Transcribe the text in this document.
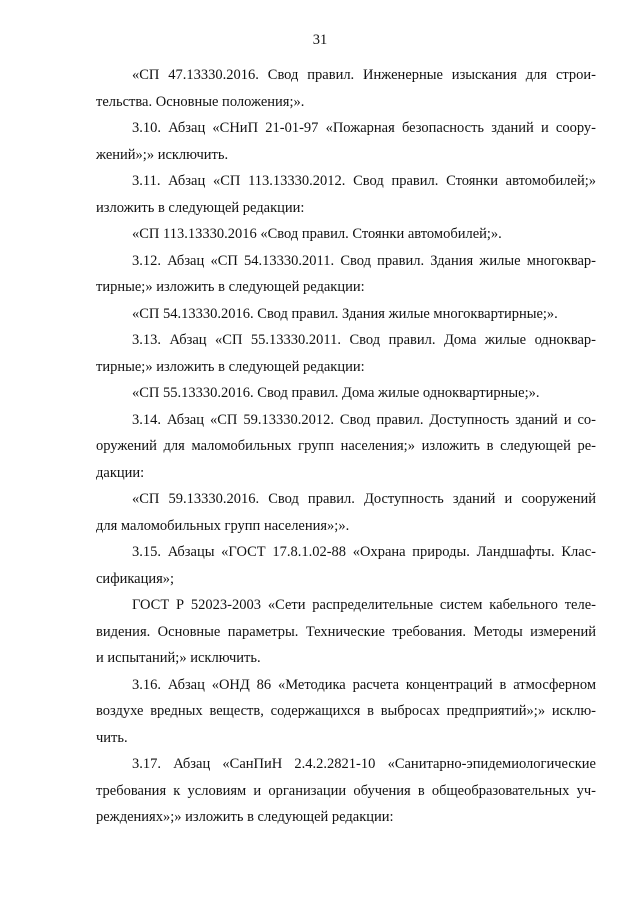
31
«СП 47.13330.2016. Свод правил. Инженерные изыскания для строи-
тельства. Основные положения;».
3.10. Абзац «СНиП 21-01-97 «Пожарная безопасность зданий и соору-
жений»;» исключить.
3.11. Абзац «СП 113.13330.2012. Свод правил. Стоянки автомобилей;»
изложить в следующей редакции:
«СП 113.13330.2016 «Свод правил. Стоянки автомобилей;».
3.12. Абзац «СП 54.13330.2011. Свод правил. Здания жилые многоквар-
тирные;» изложить в следующей редакции:
«СП 54.13330.2016. Свод правил. Здания жилые многоквартирные;».
3.13. Абзац «СП 55.13330.2011. Свод правил. Дома жилые одноквар-
тирные;» изложить в следующей редакции:
«СП 55.13330.2016. Свод правил. Дома жилые одноквартирные;».
3.14. Абзац «СП 59.13330.2012. Свод правил. Доступность зданий и со-
оружений для маломобильных групп населения;» изложить в следующей ре-
дакции:
«СП 59.13330.2016. Свод правил. Доступность зданий и сооружений
для маломобильных групп населения»;».
3.15. Абзацы «ГОСТ 17.8.1.02-88 «Охрана природы. Ландшафты. Клас-
сификация»;
ГОСТ Р 52023-2003 «Сети распределительные систем кабельного теле-
видения. Основные параметры. Технические требования. Методы измерений
и испытаний;» исключить.
3.16. Абзац «ОНД 86 «Методика расчета концентраций в атмосферном
воздухе вредных веществ, содержащихся в выбросах предприятий»;» исклю-
чить.
3.17. Абзац «СанПиН 2.4.2.2821-10 «Санитарно-эпидемиологические
требования к условиям и организации обучения в общеобразовательных уч-
реждениях»;» изложить в следующей редакции:
